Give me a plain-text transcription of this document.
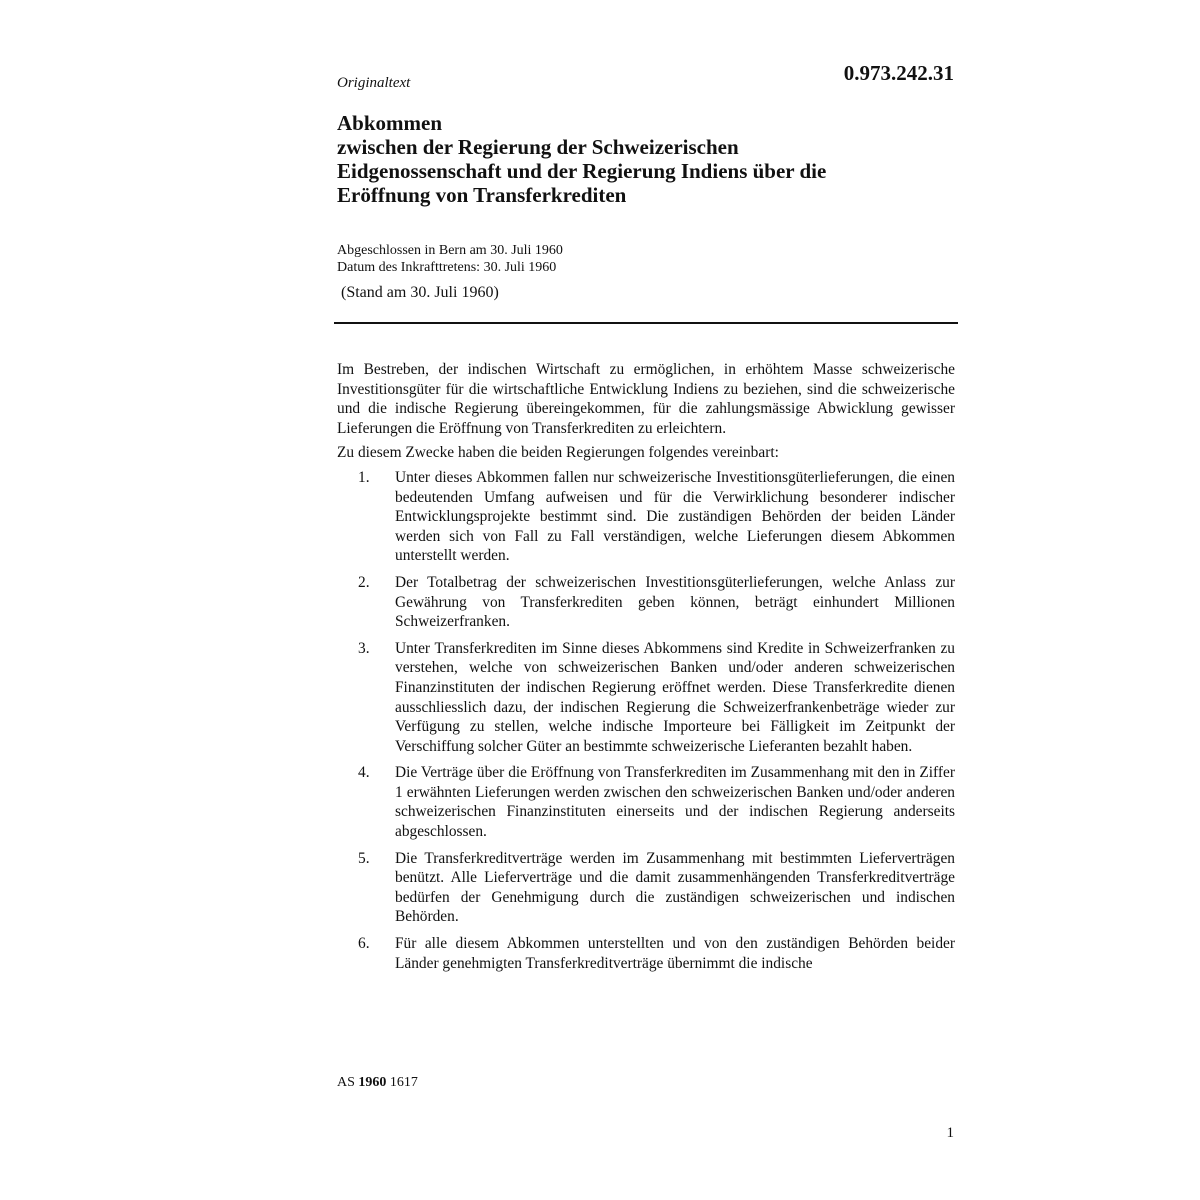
Originaltext	0.973.242.31
Abkommen
zwischen der Regierung der Schweizerischen
Eidgenossenschaft und der Regierung Indiens über die
Eröffnung von Transferkrediten
Abgeschlossen in Bern am 30. Juli 1960
Datum des Inkrafttretens: 30. Juli 1960
(Stand am 30. Juli 1960)

Im Bestreben, der indischen Wirtschaft zu ermöglichen, in erhöhtem Masse schweizerische Investitionsgüter für die wirtschaftliche Entwicklung Indiens zu beziehen, sind die schweizerische und die indische Regierung übereingekommen, für die zahlungsmässige Abwicklung gewisser Lieferungen die Eröffnung von Transferkrediten zu erleichtern.

Zu diesem Zwecke haben die beiden Regierungen folgendes vereinbart:

1. Unter dieses Abkommen fallen nur schweizerische Investitionsgüterlieferungen, die einen bedeutenden Umfang aufweisen und für die Verwirklichung besonderer indischer Entwicklungsprojekte bestimmt sind. Die zuständigen Behörden der beiden Länder werden sich von Fall zu Fall verständigen, welche Lieferungen diesem Abkommen unterstellt werden.
2. Der Totalbetrag der schweizerischen Investitionsgüterlieferungen, welche Anlass zur Gewährung von Transferkrediten geben können, beträgt einhundert Millionen Schweizerfranken.
3. Unter Transferkrediten im Sinne dieses Abkommens sind Kredite in Schweizerfranken zu verstehen, welche von schweizerischen Banken und/oder anderen schweizerischen Finanzinstituten der indischen Regierung eröffnet werden. Diese Transferkredite dienen ausschliesslich dazu, der indischen Regierung die Schweizerfrankenbeträge wieder zur Verfügung zu stellen, welche indische Importeure bei Fälligkeit im Zeitpunkt der Verschiffung solcher Güter an bestimmte schweizerische Lieferanten bezahlt haben.
4. Die Verträge über die Eröffnung von Transferkrediten im Zusammenhang mit den in Ziffer 1 erwähnten Lieferungen werden zwischen den schweizerischen Banken und/oder anderen schweizerischen Finanzinstituten einerseits und der indischen Regierung anderseits abgeschlossen.
5. Die Transferkreditverträge werden im Zusammenhang mit bestimmten Lieferverträgen benützt. Alle Lieferverträge und die damit zusammenhängenden Transferkreditverträge bedürfen der Genehmigung durch die zuständigen schweizerischen und indischen Behörden.
6. Für alle diesem Abkommen unterstellten und von den zuständigen Behörden beider Länder genehmigten Transferkreditverträge übernimmt die indische
AS 1960 1617
1
